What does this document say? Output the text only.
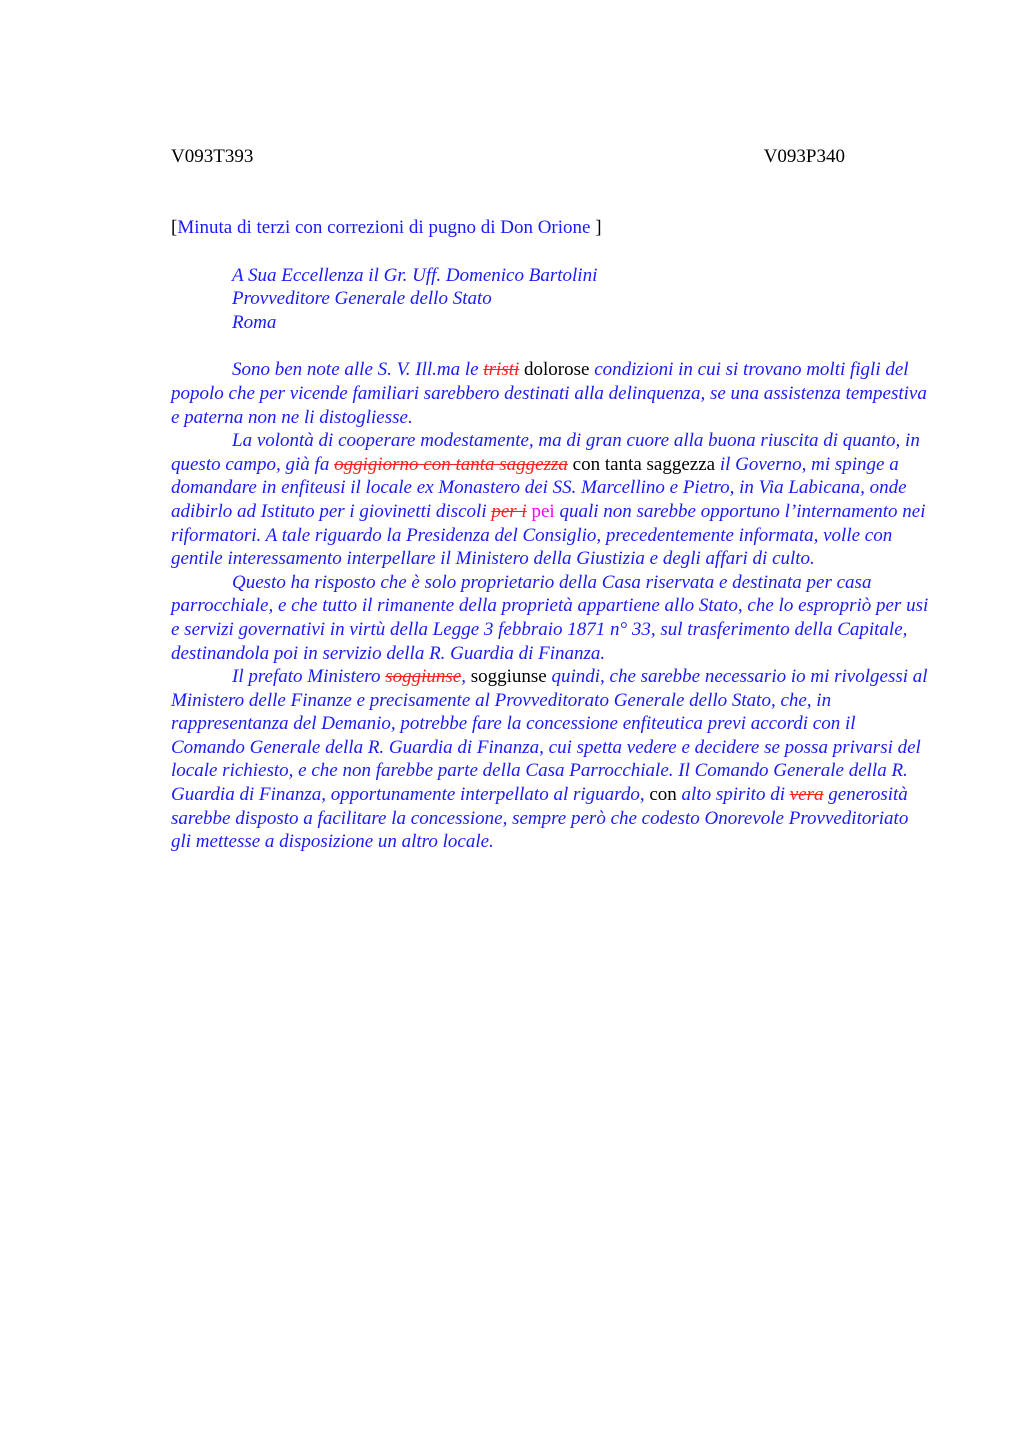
V093T393	V093P340
[Minuta di terzi con correzioni di pugno di Don Orione ]
A Sua Eccellenza il Gr. Uff. Domenico Bartolini
Provveditore Generale dello Stato
Roma

Sono ben note alle S. V. Ill.ma le tristi dolorose condizioni in cui si trovano molti figli del popolo che per vicende familiari sarebbero destinati alla delinquenza, se una assistenza tempestiva e paterna non ne li distogliesse.

La volontà di cooperare modestamente, ma di gran cuore alla buona riuscita di quanto, in questo campo, già fa oggigiorno con tanta saggezza con tanta saggezza il Governo, mi spinge a domandare in enfiteusi il locale ex Monastero dei SS. Marcellino e Pietro, in Via Labicana, onde adibirlo ad Istituto per i giovinetti discoli per i pei quali non sarebbe opportuno l’internamento nei riformatori. A tale riguardo la Presidenza del Consiglio, precedentemente informata, volle con gentile interessamento interpellare il Ministero della Giustizia e degli affari di culto.

Questo ha risposto che è solo proprietario della Casa riservata e destinata per casa parrocchiale, e che tutto il rimanente della proprietà appartiene allo Stato, che lo espropriò per usi e servizi governativi in virtù della Legge 3 febbraio 1871 n° 33, sul trasferimento della Capitale, destinandola poi in servizio della R. Guardia di Finanza.

Il prefato Ministero soggiunse, soggiunse quindi, che sarebbe necessario io mi rivolgessi al Ministero delle Finanze e precisamente al Provveditorato Generale dello Stato, che, in rappresentanza del Demanio, potrebbe fare la concessione enfiteutica previ accordi con il Comando Generale della R. Guardia di Finanza, cui spetta vedere e decidere se possa privarsi del locale richiesto, e che non farebbe parte della Casa Parrocchiale. Il Comando Generale della R. Guardia di Finanza, opportunamente interpellato al riguardo, con alto spirito di vera generosità sarebbe disposto a facilitare la concessione, sempre però che codesto Onorevole Provveditoriato gli mettesse a disposizione un altro locale.
